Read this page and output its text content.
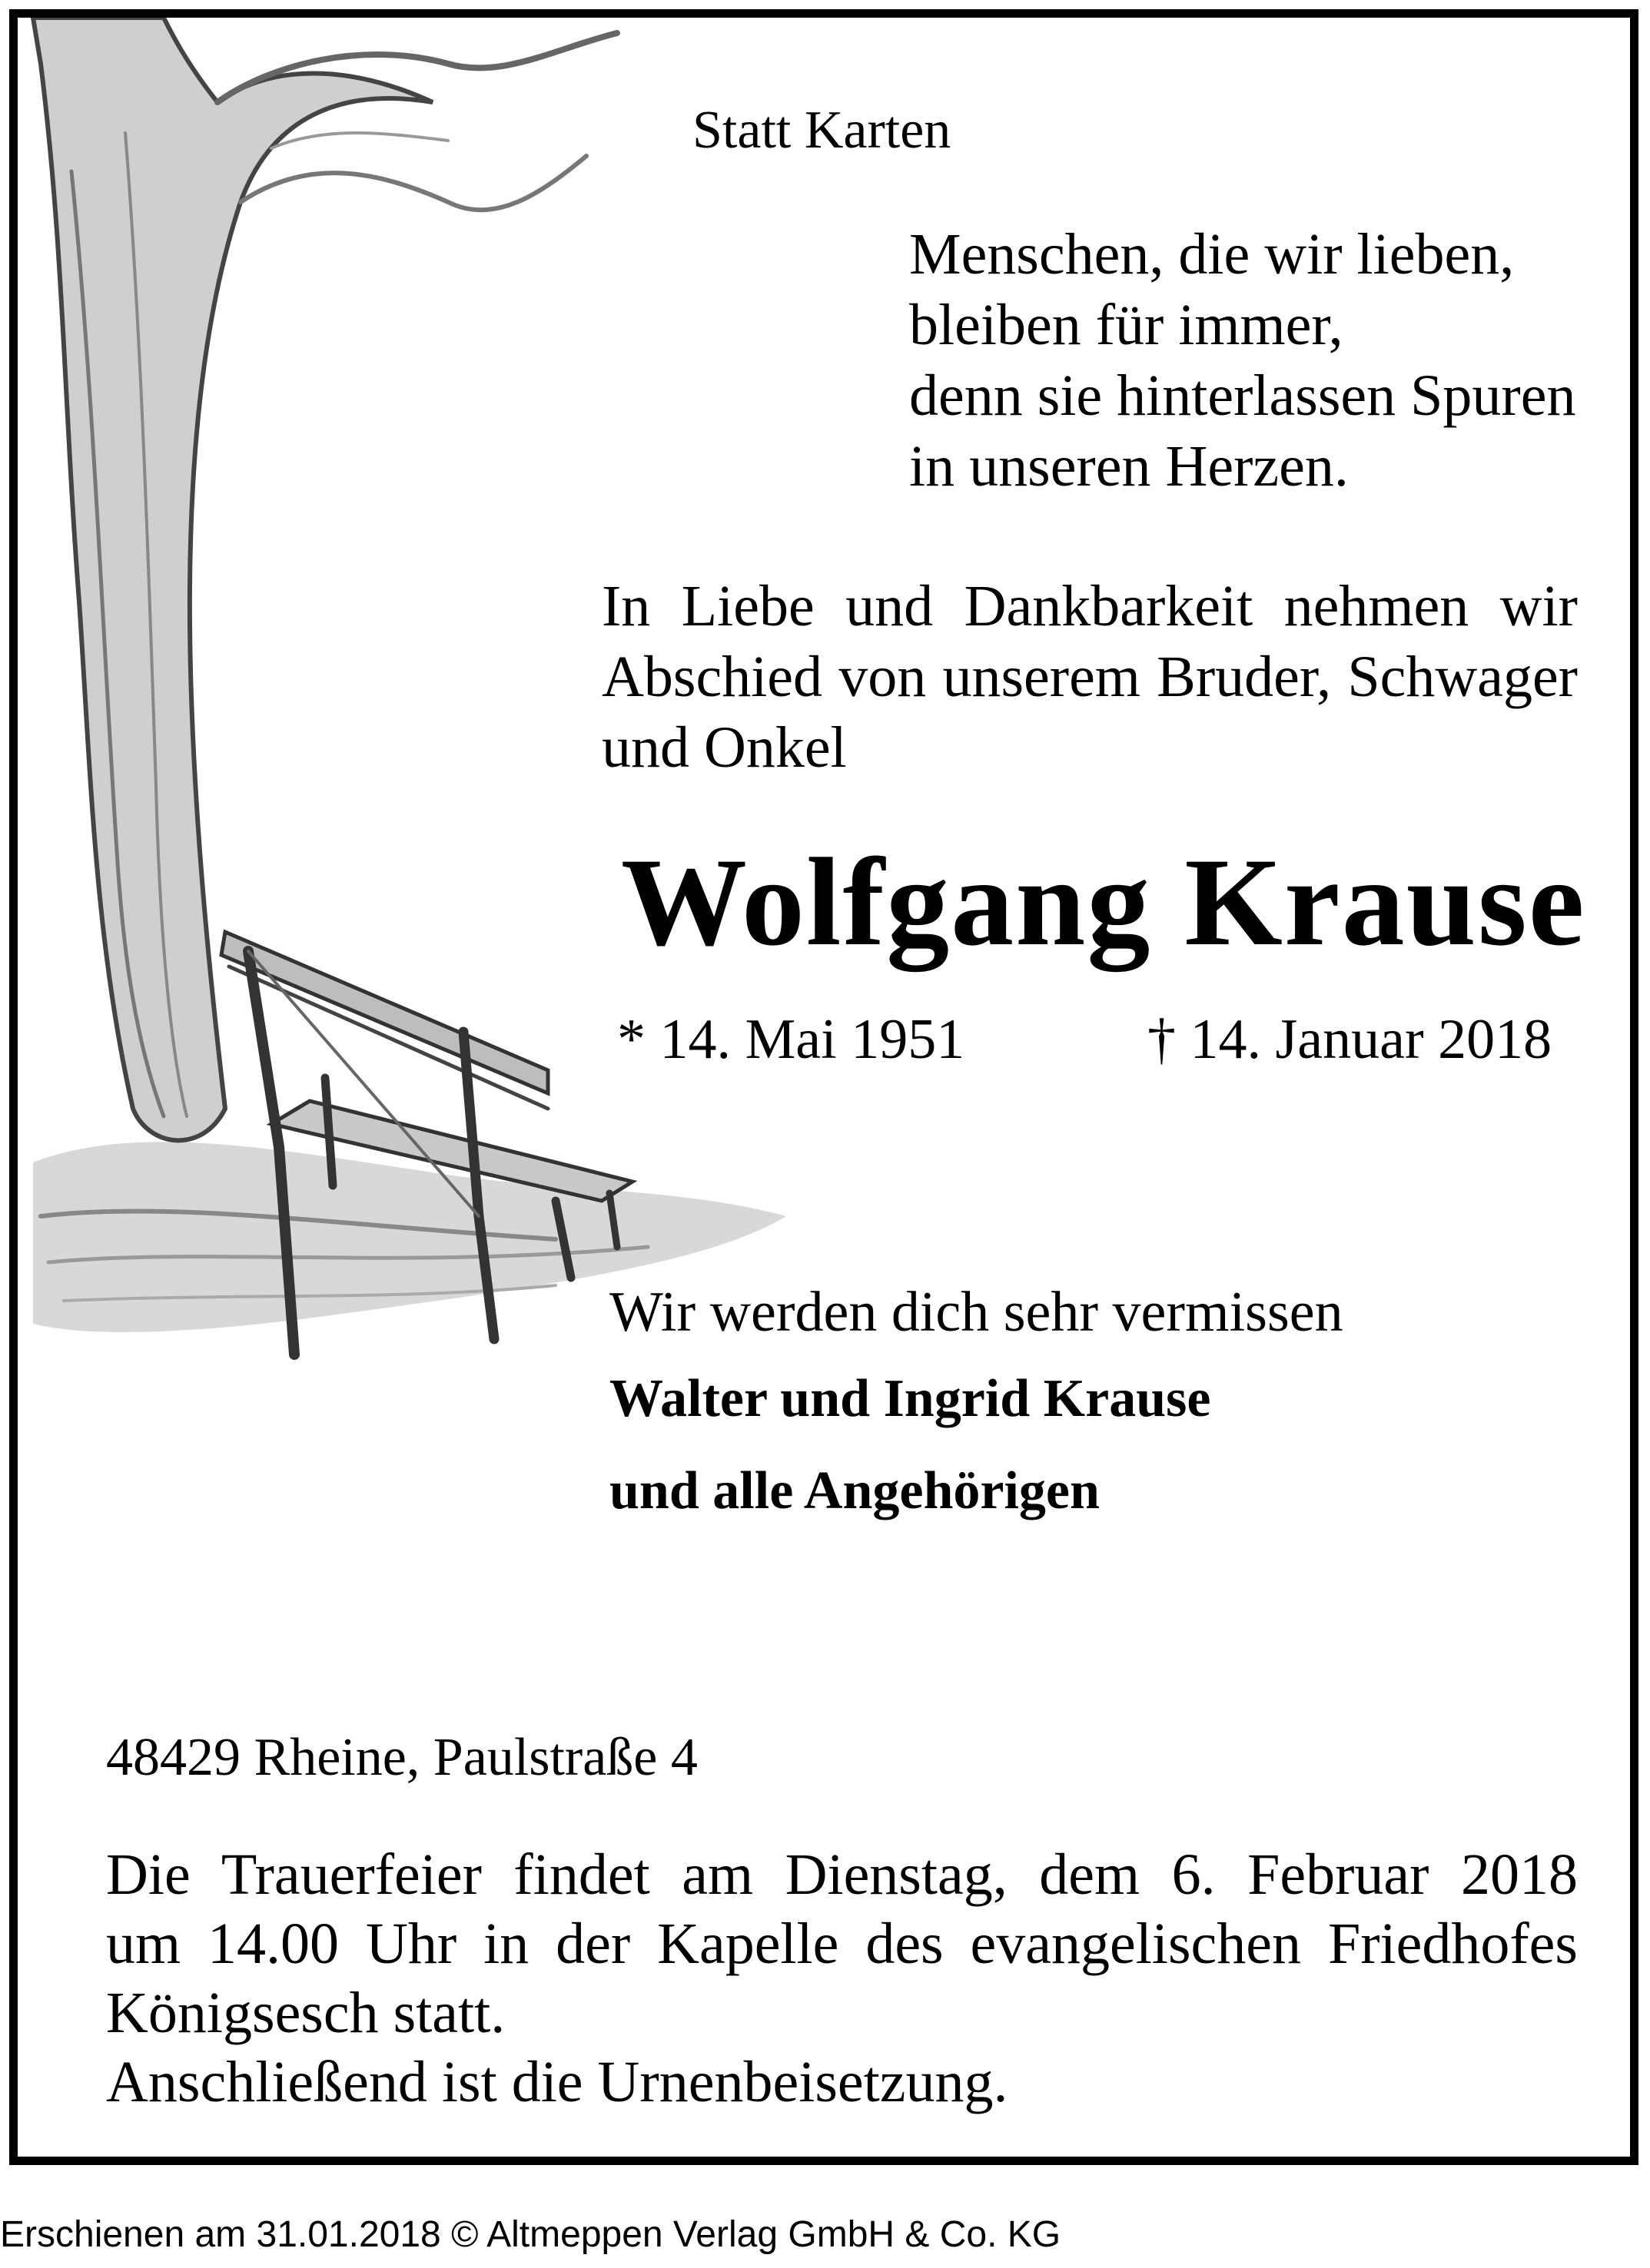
Statt Karten
Menschen, die wir lieben,
bleiben für immer,
denn sie hinterlassen Spuren
in unseren Herzen.
In Liebe und Dankbarkeit nehmen wir
Abschied von unserem Bruder, Schwager
und Onkel
Wolfgang Krause
* 14. Mai 1951	† 14. Januar 2018
Wir werden dich sehr vermissen
Walter und Ingrid Krause
und alle Angehörigen
48429 Rheine, Paulstraße 4
Die Trauerfeier findet am Dienstag, dem 6. Februar 2018
um 14.00 Uhr in der Kapelle des evangelischen Friedhofes
Königsesch statt.
Anschließend ist die Urnenbeisetzung.
Erschienen am 31.01.2018 © Altmeppen Verlag GmbH & Co. KG
